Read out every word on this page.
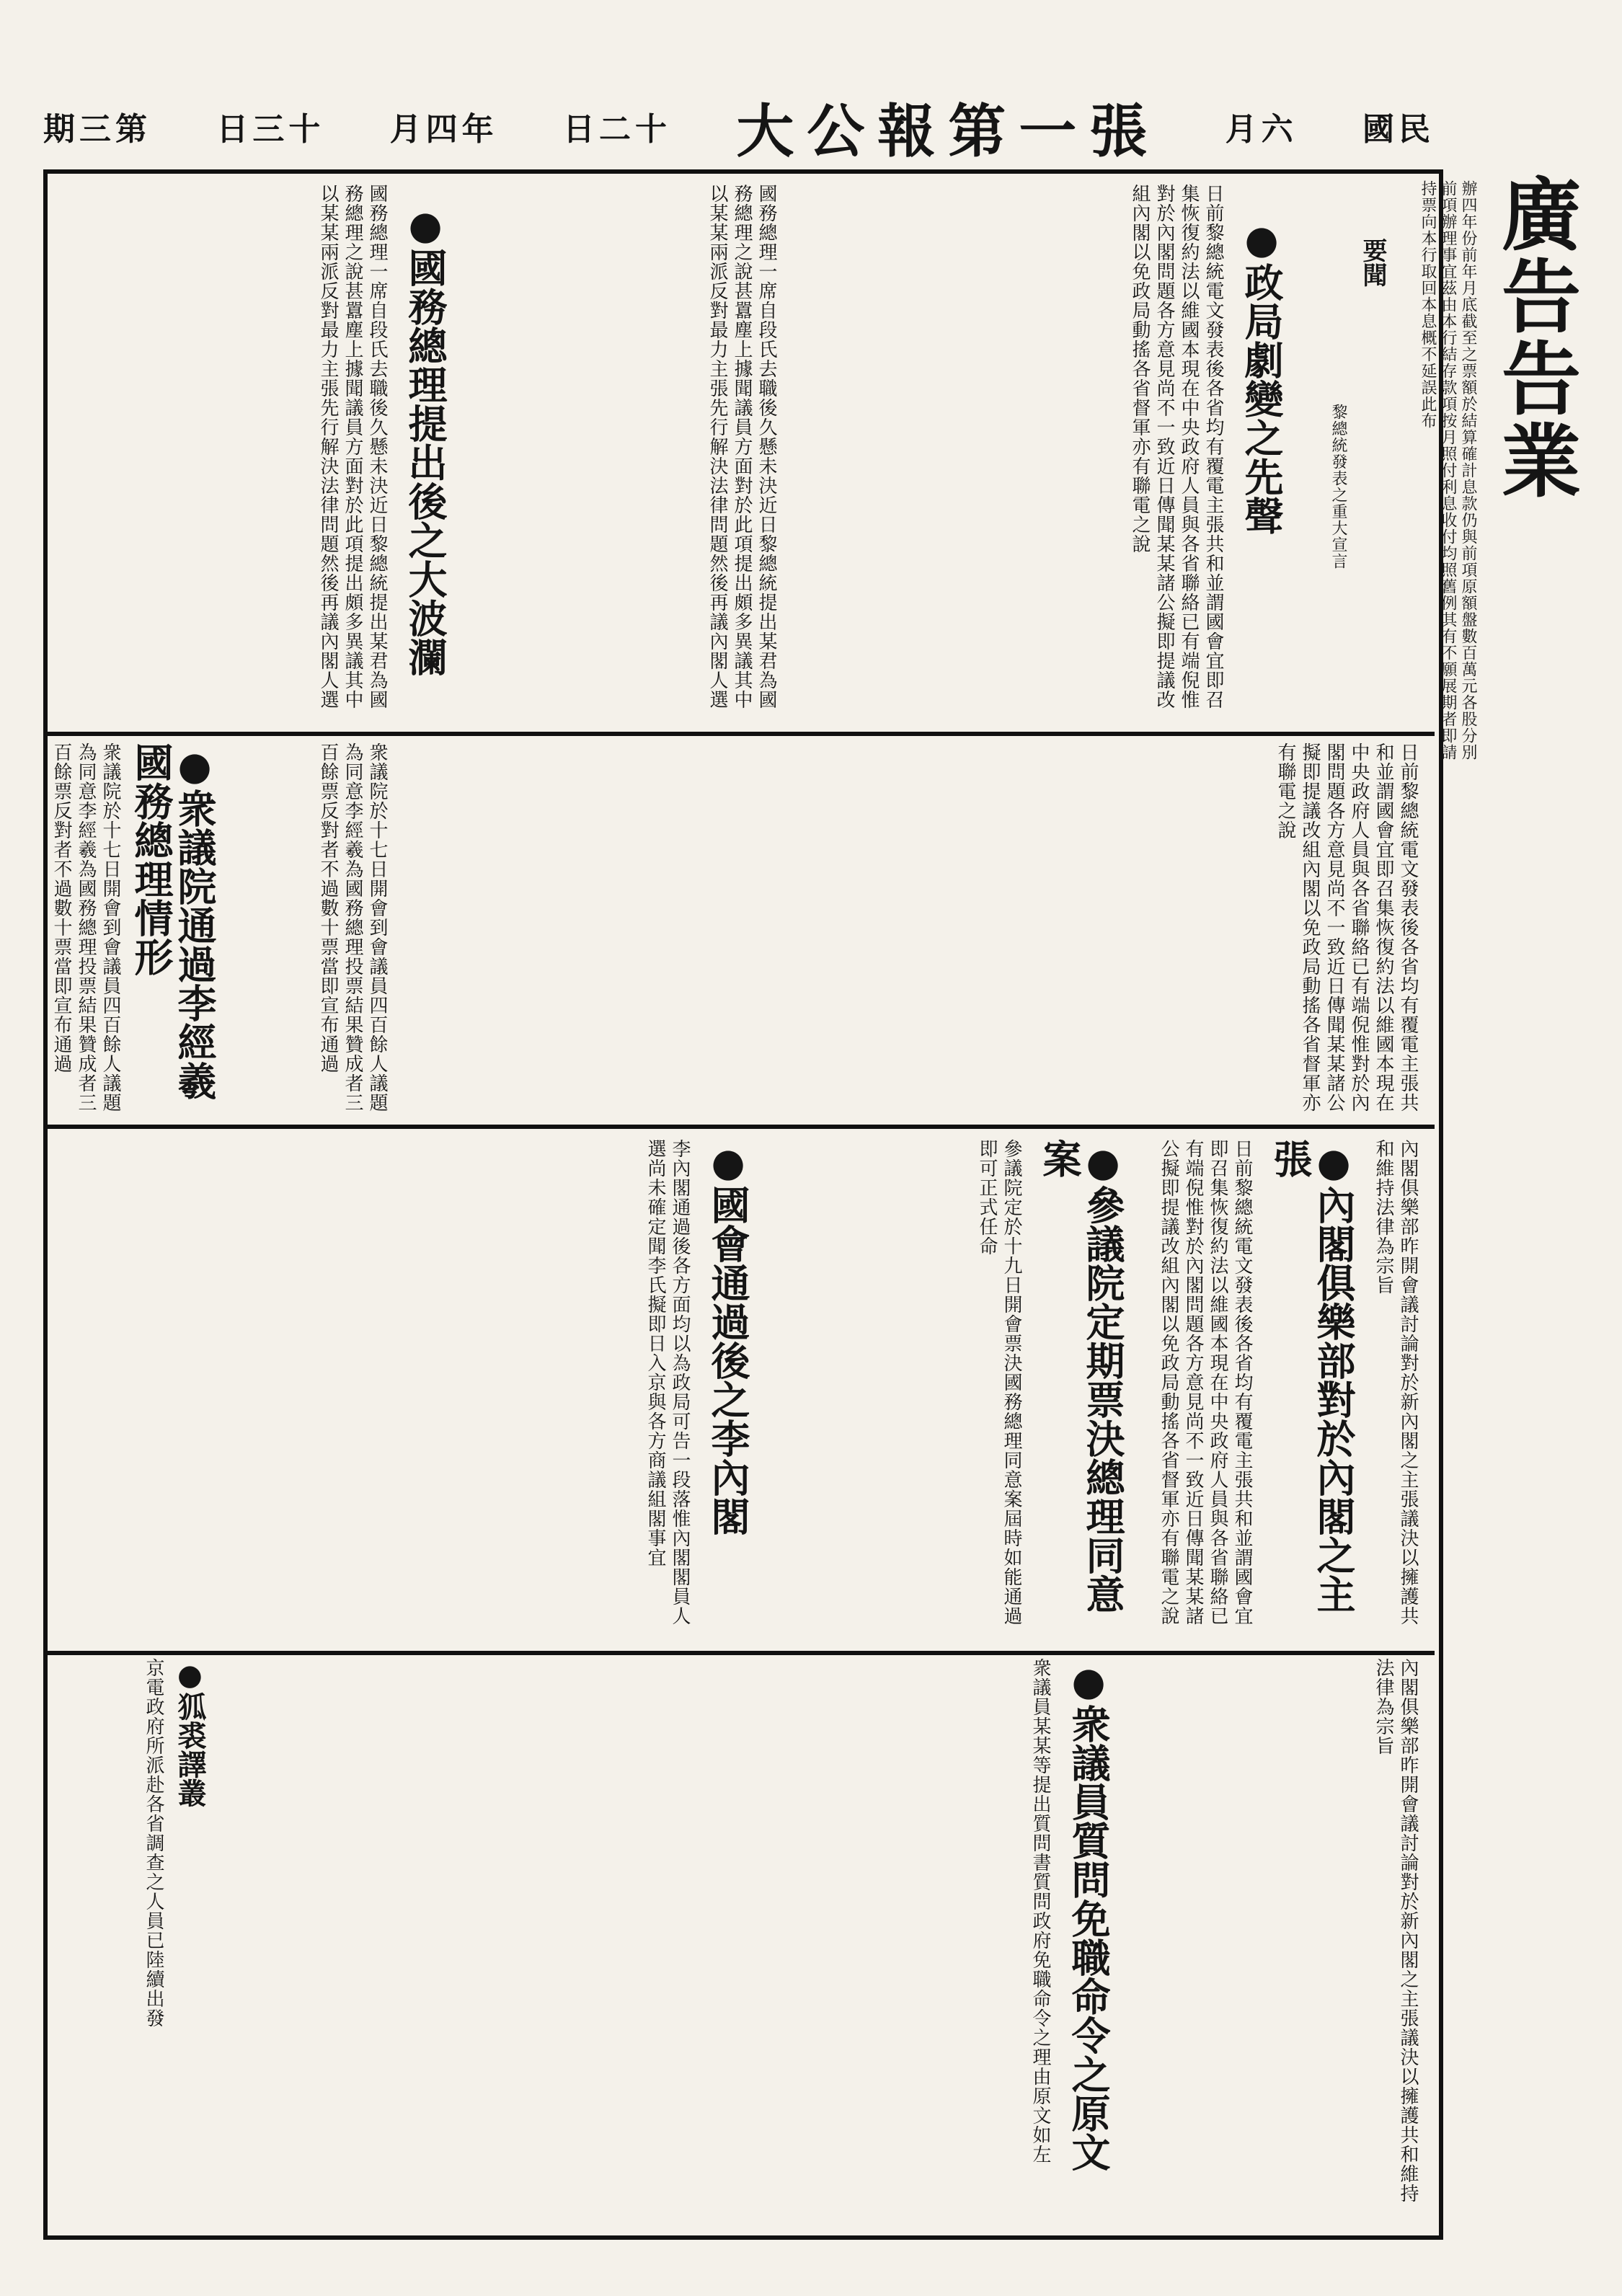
期三第 日三十 月四年 日二十 大公報第一張 月六 國民
廣告告業
辦四年份前年月底截至之票額於結算確計息款仍與前項原額盤數百萬元各股分別前項辦理事宜茲由本行結存款項按月照付利息收付均照舊例其有不願展期者即請持票向本行取回本息概不延誤此布
●政局劇變之先聲	要聞
黎總統發表之重大宣言
日前黎總統電文發表後各省均有覆電主張共和並謂國會宜即召集恢復約法以維國本現在中央政府人員與各省聯絡已有端倪惟對於內閣問題各方意見尚不一致近日傳聞某某諸公擬即提議改組內閣以免政局動搖各省督軍亦有聯電之說
●國務總理提出後之大波瀾	國務總理一席自段氏去職後久懸未決近日黎總統提出某君為國務總理之說甚囂塵上據聞議員方面對於此項提出頗多異議其中以某某兩派反對最力主張先行解決法律問題然後再議內閣人選
國務總理一席自段氏去職後久懸未決近日黎總統提出某君為國務總理之說甚囂塵上據聞議員方面對於此項提出頗多異議其中以某某兩派反對最力主張先行解決法律問題然後再議內閣人選
日前黎總統電文發表後各省均有覆電主張共和並謂國會宜即召集恢復約法以維國本現在中央政府人員與各省聯絡已有端倪惟對於內閣問題各方意見尚不一致近日傳聞某某諸公擬即提議改組內閣以免政局動搖各省督軍亦有聯電之說
●衆議院通過李經羲國務總理情形
衆議院於十七日開會到會議員四百餘人議題為同意李經羲為國務總理投票結果贊成者三百餘票反對者不過數十票當即宣布通過	衆議院於十七日開會到會議員四百餘人議題為同意李經羲為國務總理投票結果贊成者三百餘票反對者不過數十票當即宣布通過
●內閣俱樂部對於內閣之主張	內閣俱樂部昨開會議討論對於新內閣之主張議決以擁護共和維持法律為宗旨
日前黎總統電文發表後各省均有覆電主張共和並謂國會宜即召集恢復約法以維國本現在中央政府人員與各省聯絡已有端倪惟對於內閣問題各方意見尚不一致近日傳聞某某諸公擬即提議改組內閣以免政局動搖各省督軍亦有聯電之說
●參議院定期票決總理同意案
參議院定於十九日開會票決國務總理同意案屆時如能通過即可正式任命
●國會通過後之李內閣
李內閣通過後各方面均以為政局可告一段落惟內閣閣員人選尚未確定聞李氏擬即日入京與各方商議組閣事宜
●衆議員質問免職命令之原文	內閣俱樂部昨開會議討論對於新內閣之主張議決以擁護共和維持法律為宗旨
衆議員某某等提出質問書質問政府免職命令之理由原文如左
●狐裘譯叢
京電政府所派赴各省調查之人員已陸續出發
